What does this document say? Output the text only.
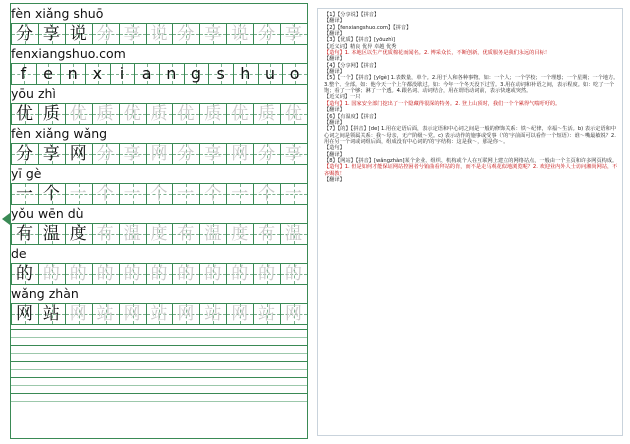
fèn xiǎng shuō
分 享 说 分 享 说 分 享 说 分 享
fenxiangshuo.com
f	e n x	i	a n g s h u o
yōu zhì
优 质 优 质 优 质 优 质 优 质 优
fèn xiǎng wǎng
分 享 网 分 享 网 分 享 网 分 享
yī gè
一 个 一 个 一 个 一 个 一 个 一
yǒu wēn dù
有 温 度 有 温 度 有 温 度 有 温
de
的 的 的 的 的 的 的 的 的 的 的
wǎng zhàn
网 站 网 站 网 站 网 站 网 站 网

【1】【分享说】【拼音】

【翻译】

【2】【fenxiangshuo.com】【拼音】

【翻译】

【3】【优质】【拼音】[yōuzhì]

【近义词】精良 优异 卓越 优秀

【造句】1. 本地区以生产优质棉花而闻名。2. 博采众长，不断创新，优质服务是我们永远的目标！

【翻译】

【4】【分享网】【拼音】

【翻译】

【5】【一个】【拼音】[yīgè] 1.表数量，单个。2.用于人和各种事物。如：一个人；一个学校；一个理想；一个星期；一个地方。3.整个、全部。如：他今天一个上午都没歇过。如：今年一个冬天没下过雪。3.用在动词和补语之间，表示程度。如：吃了一个饱；看了一个够；淋了一个透。4.跟名词、动词结合，用在谓语动词前，表示快速或突然。

【近义词】一只

【造句】1. 国家安全部门挖出了一个隐藏得很深的特务。2. 登上山顶时，我们一个个累得气喘吁吁的。

【翻译】

【6】【有温度】【拼音】

【翻译】

【7】【的】【拼音】[de] 1.用在定语后面，表示定语和中心词之间是一般的修饰关系：铁～纪律，幸福～生活。b) 表示定语和中心词之间是领属关系：我～母亲，无产阶级～党。c) 表示动作的施事或受事（'的'字前面可以看作一个短语）：谁～嘴最敏锐？2.用在另一个词或词组后面，组成没有中心词的'的'字结构：这是我～，那是你～。

【造句】

【翻译】

【8】【网站】【拼音】[wǎngzhàn]某个企业、组织、机构或个人在互联网上建立的网络站点，一般由一个主页和许多网页构成。

【造句】1. 但是如何才能保证网站控困者兮铕曲看拜站的肯，而不是走马观花似地浏览呢？2. 欢迎业内外人士访问湘尚网站，不吝赐教！

【翻译】
